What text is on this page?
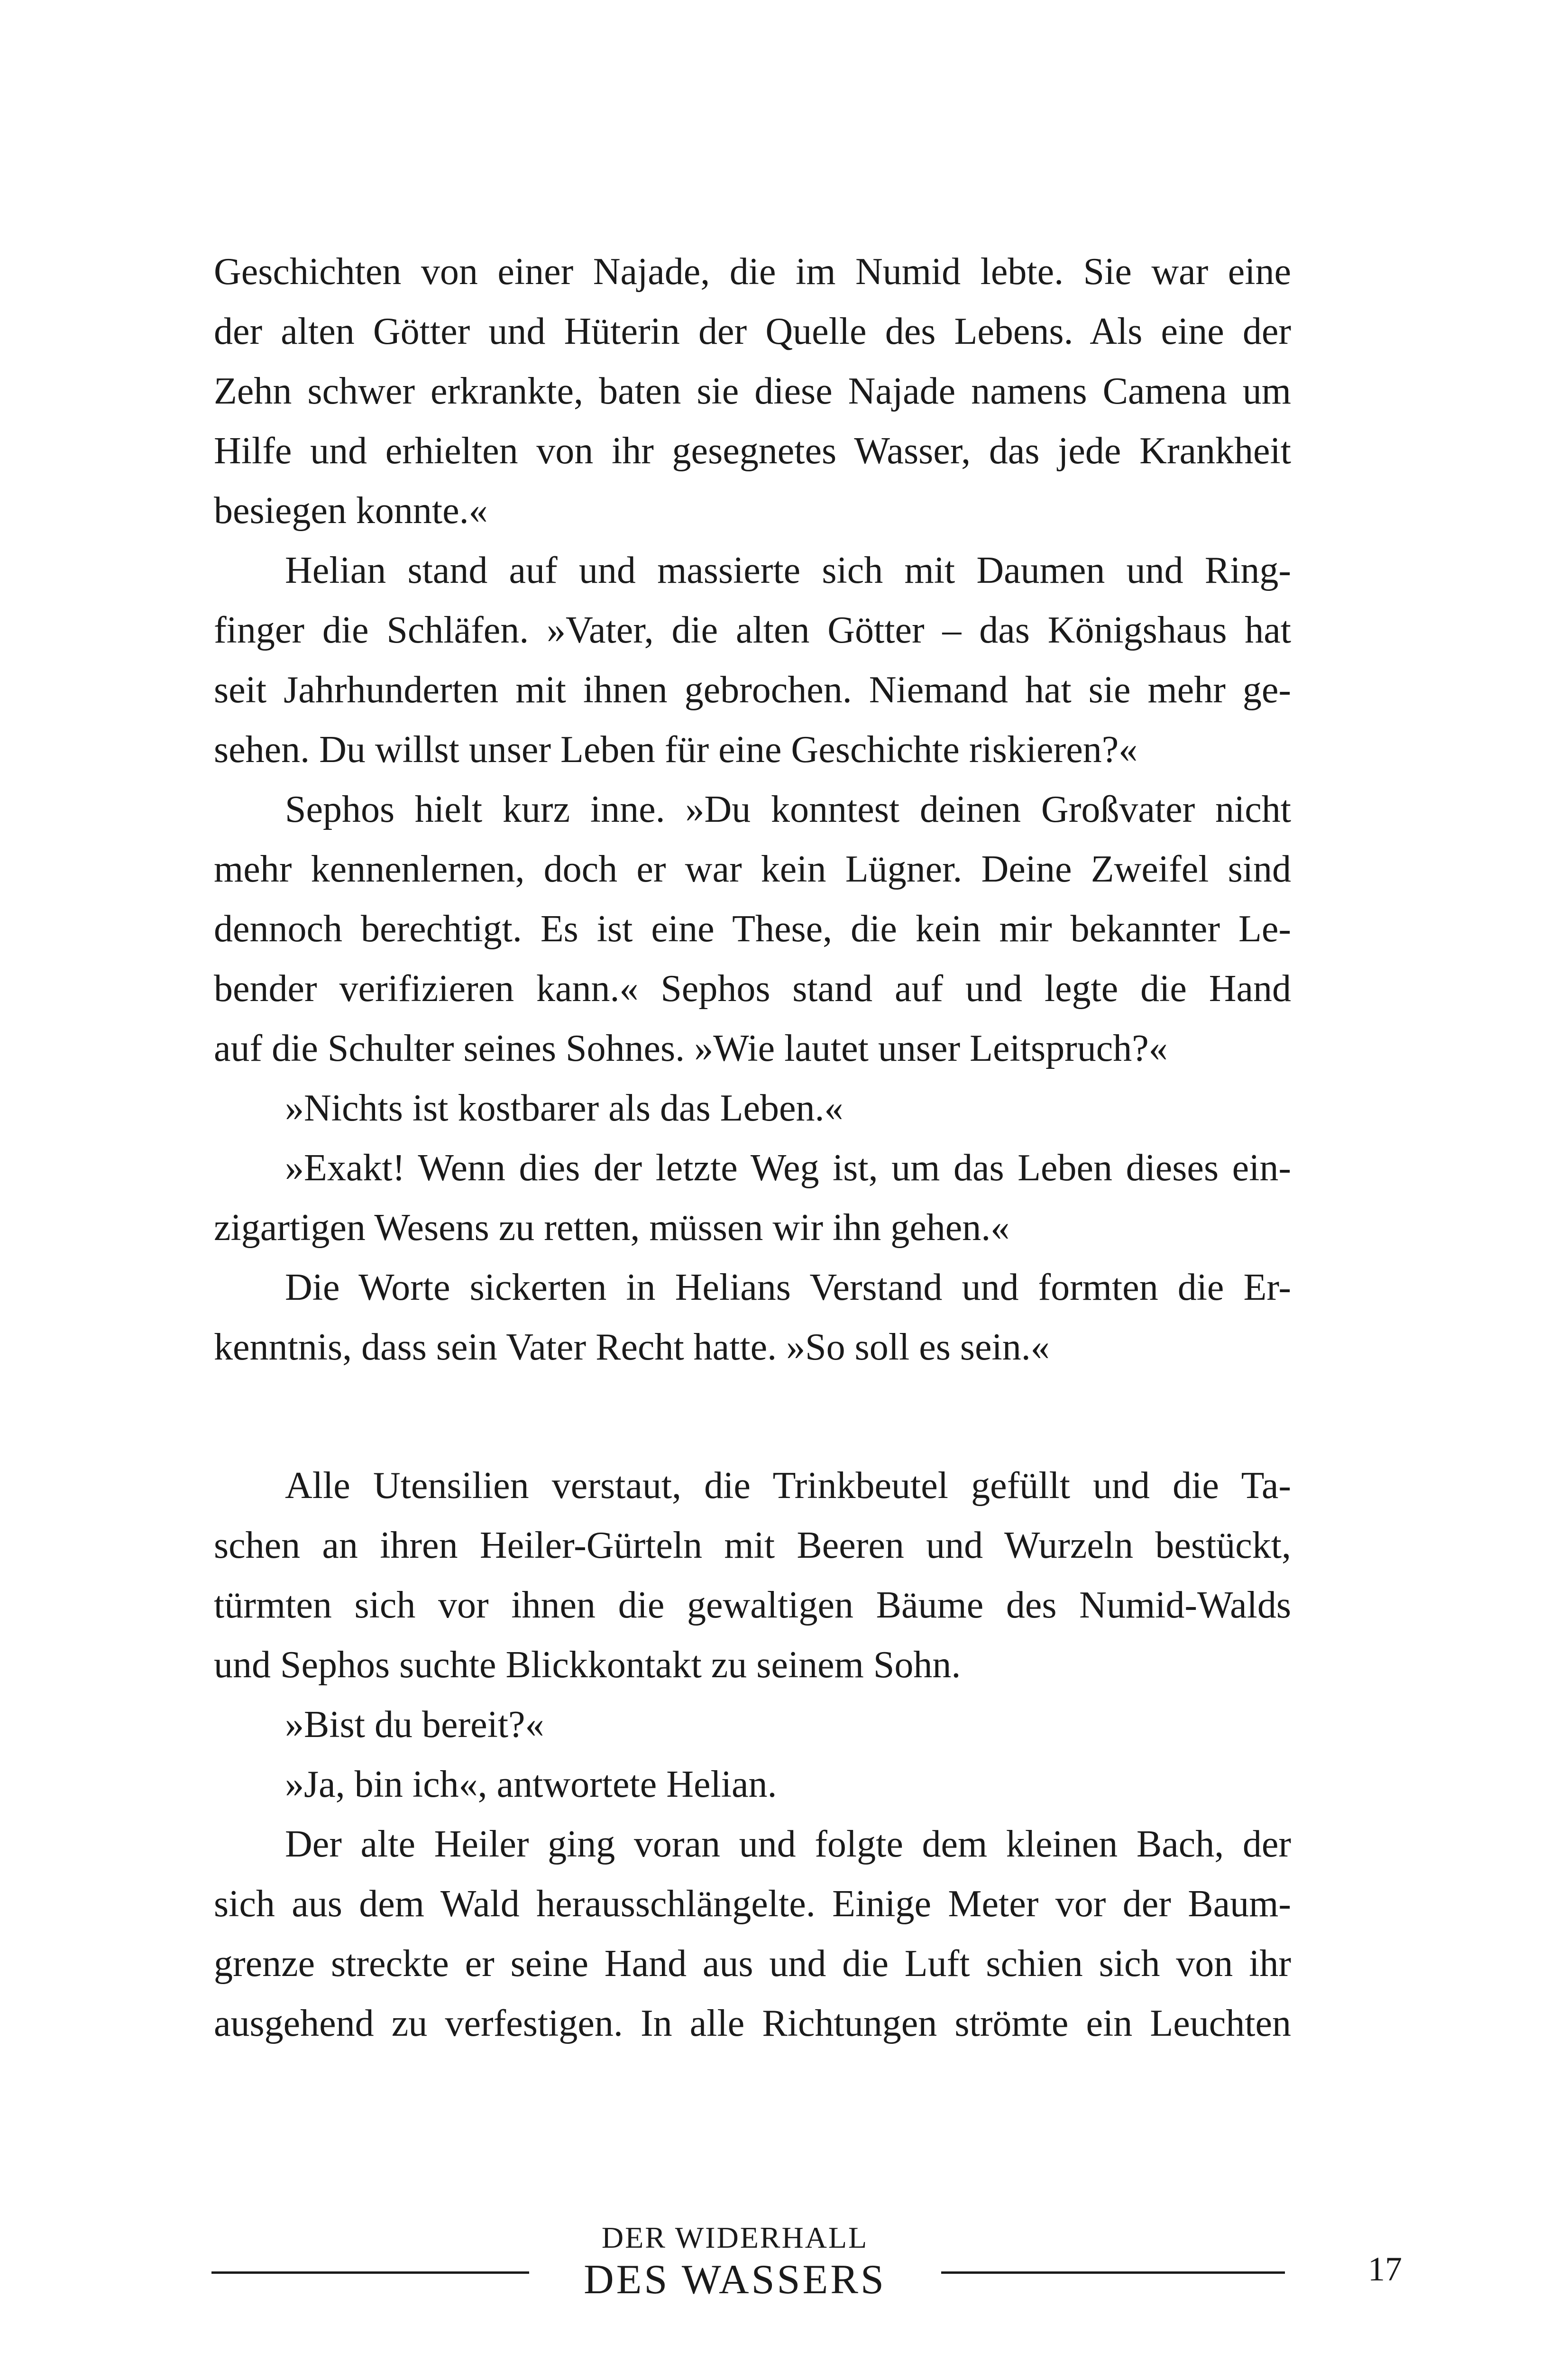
Geschichten von einer Najade, die im Numid lebte. Sie war eine
der alten Götter und Hüterin der Quelle des Lebens. Als eine der
Zehn schwer erkrankte, baten sie diese Najade namens Camena um
Hilfe und erhielten von ihr gesegnetes Wasser, das jede Krankheit
besiegen konnte.«
Helian stand auf und massierte sich mit Daumen und Ring-
finger die Schläfen. »Vater, die alten Götter – das Königshaus hat
seit Jahrhunderten mit ihnen gebrochen. Niemand hat sie mehr ge-
sehen. Du willst unser Leben für eine Geschichte riskieren?«
Sephos hielt kurz inne. »Du konntest deinen Großvater nicht
mehr kennenlernen, doch er war kein Lügner. Deine Zweifel sind
dennoch berechtigt. Es ist eine These, die kein mir bekannter Le-
bender verifizieren kann.« Sephos stand auf und legte die Hand
auf die Schulter seines Sohnes. »Wie lautet unser Leitspruch?«
»Nichts ist kostbarer als das Leben.«
»Exakt! Wenn dies der letzte Weg ist, um das Leben dieses ein-
zigartigen Wesens zu retten, müssen wir ihn gehen.«
Die Worte sickerten in Helians Verstand und formten die Er-
kenntnis, dass sein Vater Recht hatte. »So soll es sein.«
Alle Utensilien verstaut, die Trinkbeutel gefüllt und die Ta-
schen an ihren Heiler-Gürteln mit Beeren und Wurzeln bestückt,
türmten sich vor ihnen die gewaltigen Bäume des Numid-Walds
und Sephos suchte Blickkontakt zu seinem Sohn.
»Bist du bereit?«
»Ja, bin ich«, antwortete Helian.
Der alte Heiler ging voran und folgte dem kleinen Bach, der
sich aus dem Wald herausschlängelte. Einige Meter vor der Baum-
grenze streckte er seine Hand aus und die Luft schien sich von ihr
ausgehend zu verfestigen. In alle Richtungen strömte ein Leuchten
DER WIDERHALL
DES WASSERS	17
